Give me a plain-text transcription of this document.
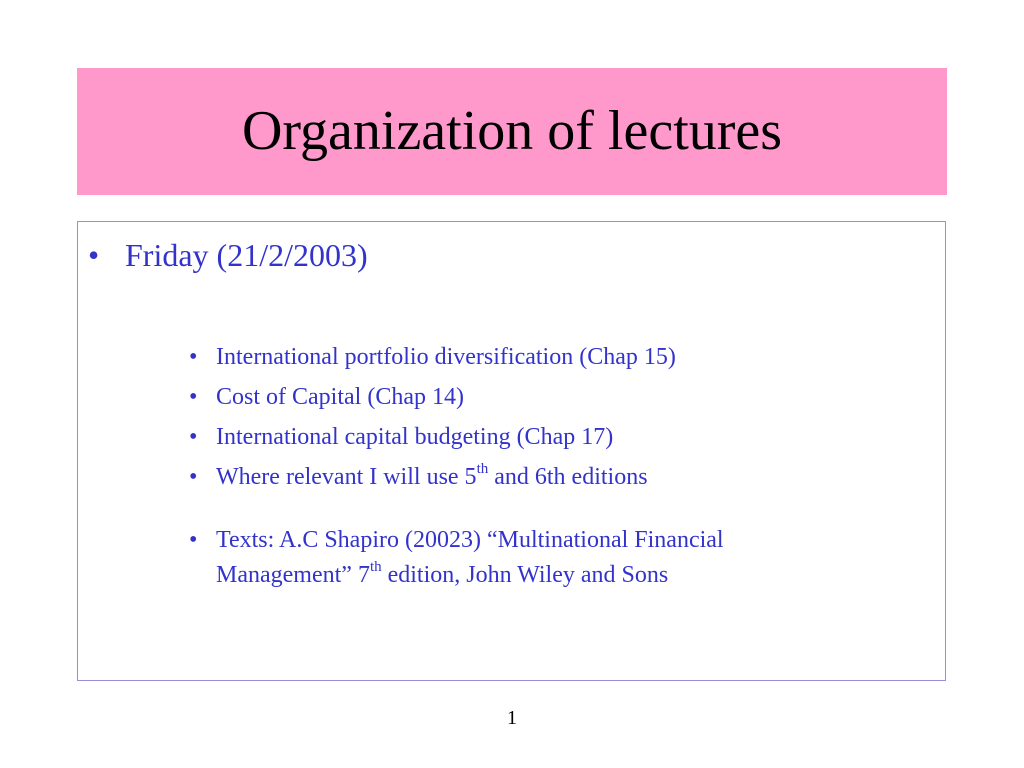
Organization of lectures
• Friday (21/2/2003)
• International portfolio diversification (Chap 15)
• Cost of Capital (Chap 14)
• International capital budgeting (Chap 17)
• Where relevant I will use 5th and 6th editions
• Texts: A.C Shapiro (20023) “Multinational Financial Management” 7th edition, John Wiley and Sons
1
